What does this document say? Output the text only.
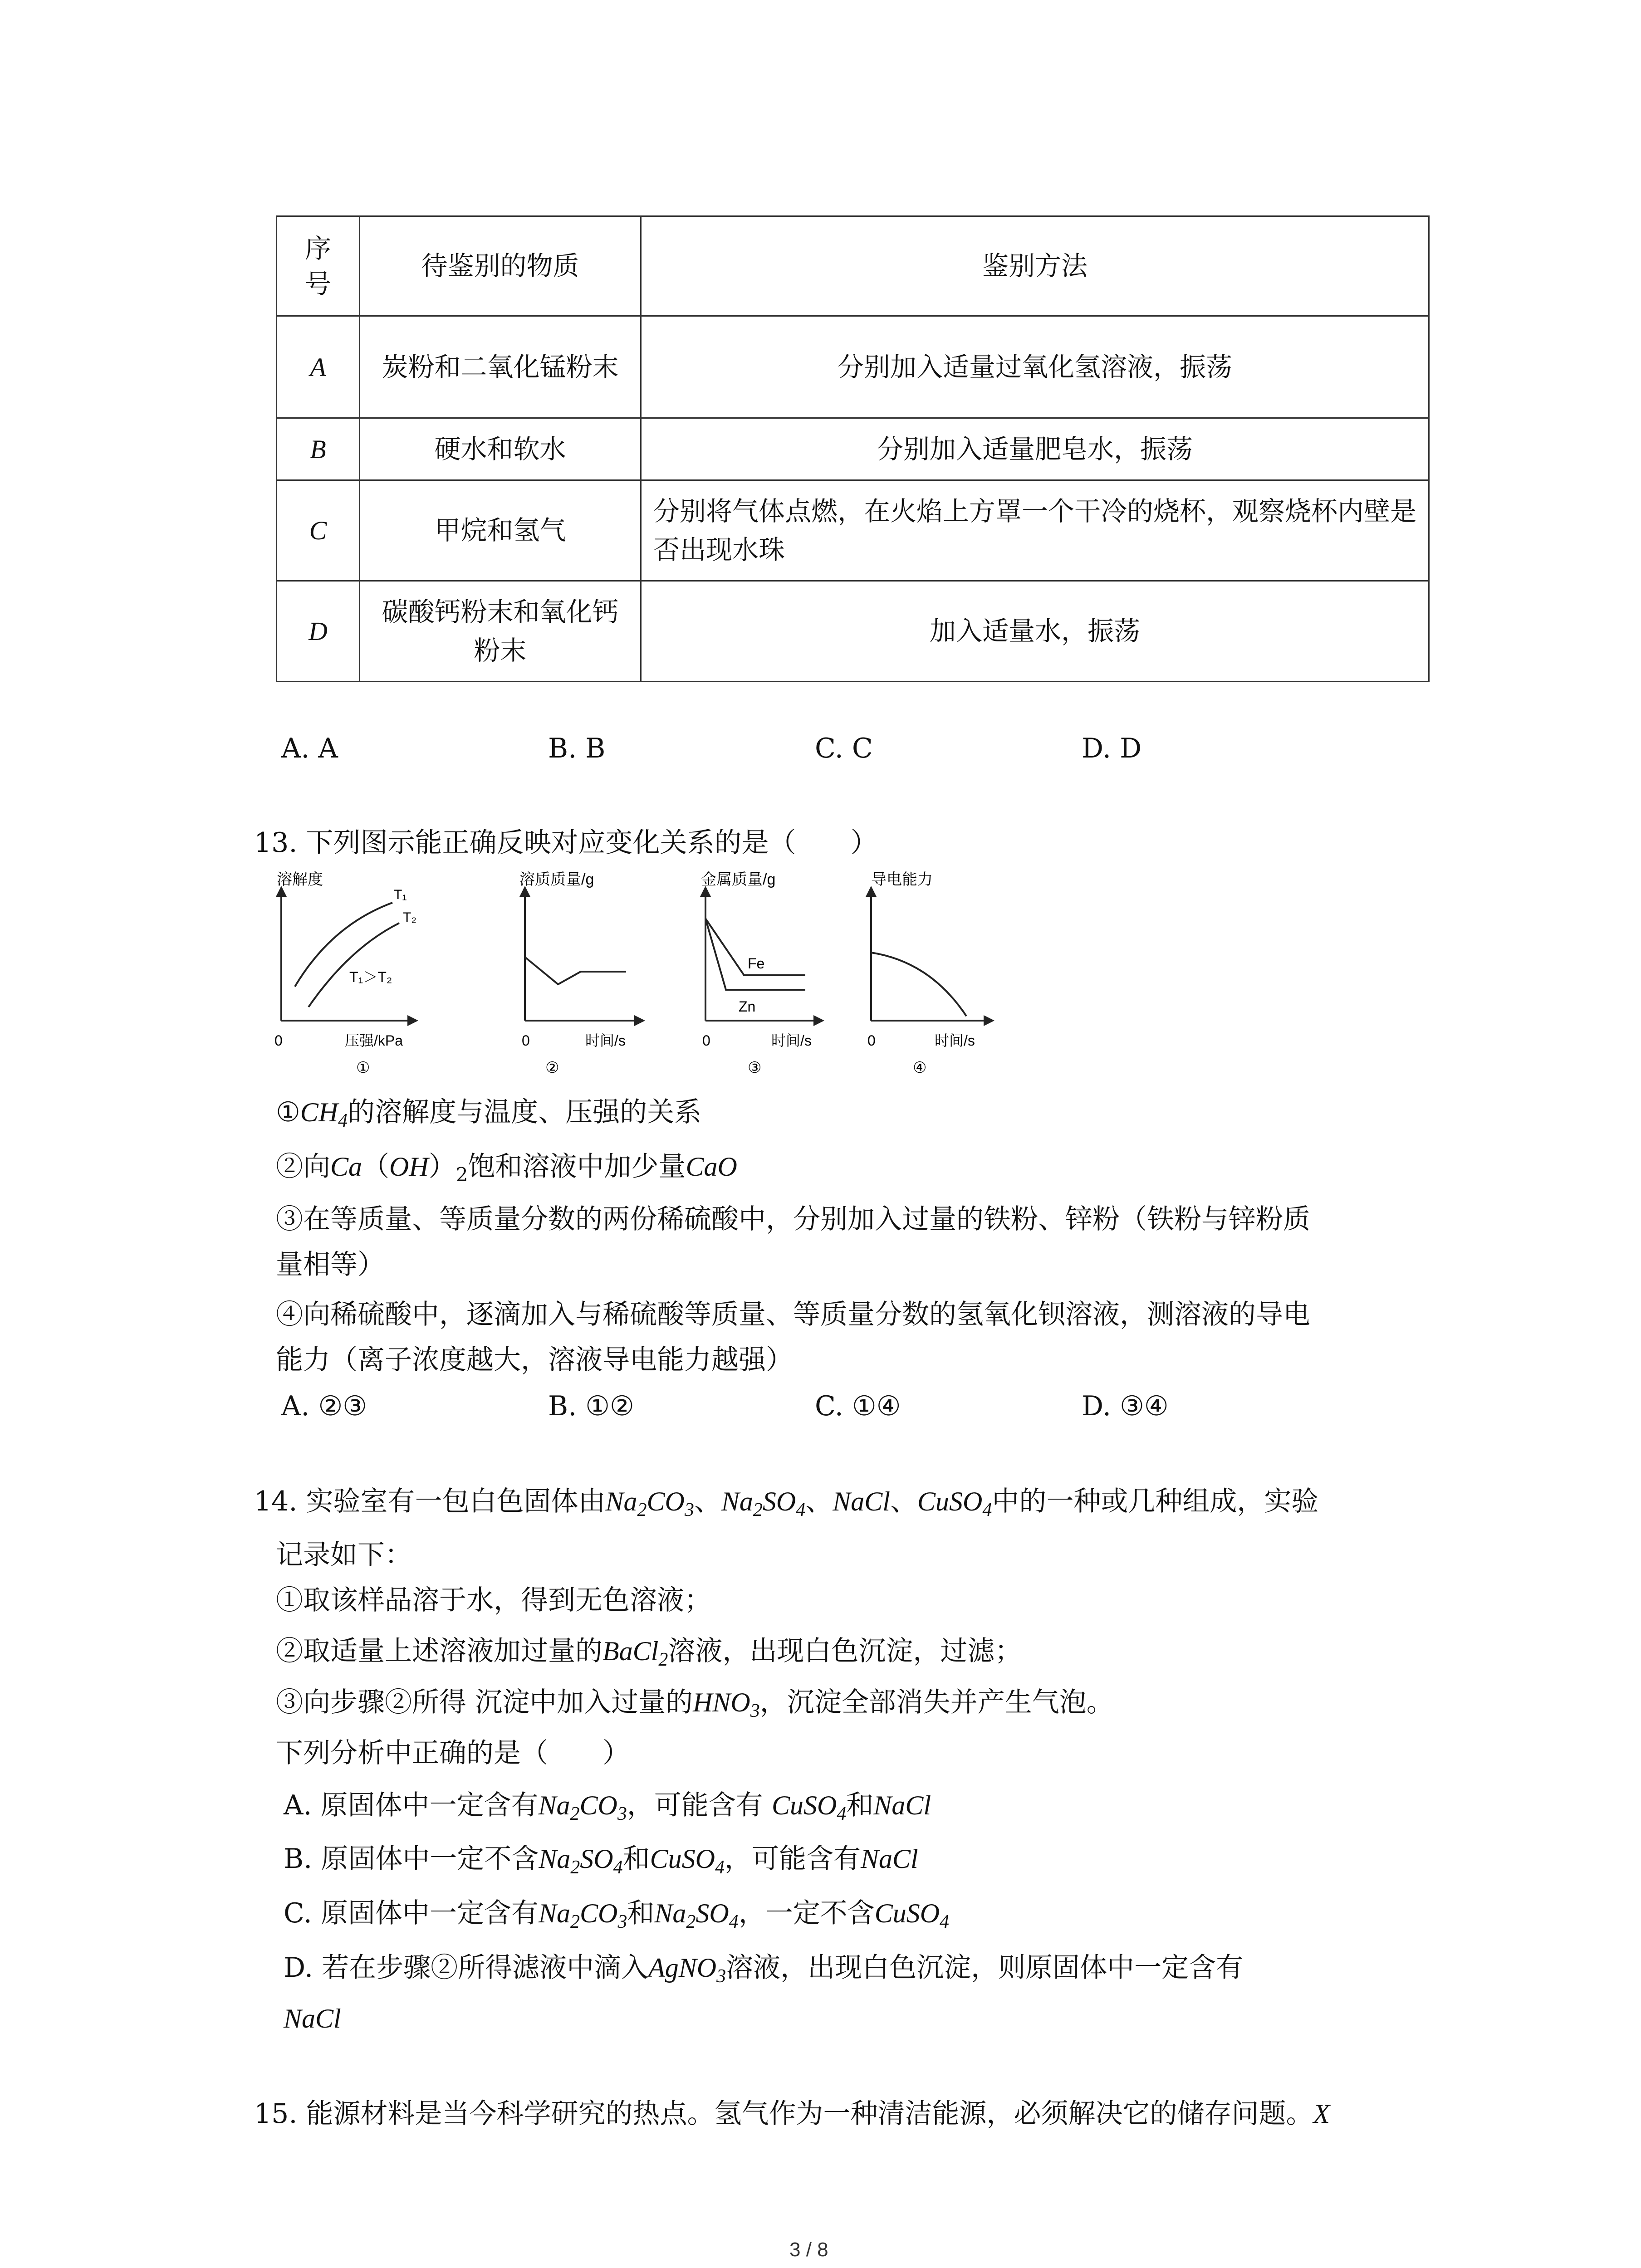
序号	待鉴别的物质	鉴别方法
A	炭粉和二氧化锰粉末	分别加入适量过氧化氢溶液，振荡
B	硬水和软水	分别加入适量肥皂水，振荡
C	甲烷和氢气	分别将气体点燃，在火焰上方罩一个干冷的烧杯，观察烧杯内壁是否出现水珠
D	碳酸钙粉末和氧化钙粉末	加入适量水，振荡
A. A	B. B	C. C	D. D
13. 下列图示能正确反映对应变化关系的是（　　）
溶解度
T₁
T₂
T₁＞T₂
0	压强/kPa
①
溶质质量/g
0	时间/s
②
金属质量/g
Fe
Zn
0	时间/s
③
导电能力
0	时间/s
④
$①CH_4$的溶解度与温度、压强的关系
②向$Ca(OH)_2$饱和溶液中加少量CaO
③在等质量、等质量分数的两份稀硫酸中，分别加入过量的铁粉、锌粉（铁粉与锌粉质
量相等）
④向稀硫酸中，逐滴加入与稀硫酸等质量、等质量分数的氢氧化钡溶液，测溶液的导电
能力（离子浓度越大，溶液导电能力越强）
A. ②③	B. ①②	C. ①④	D. ③④
14. 实验室有一包白色固体由$Na_2CO_3$、$Na_2SO_4$、NaCl、CuSO$_4$中的一种或几种组成，实验
记录如下：
①取该样品溶于水，得到无色溶液；
②取适量上述溶液加过量的BaCl$_2$溶液，出现白色沉淀，过滤；
③向步骤②所得 沉淀中加入过量的$HNO_3$，沉淀全部消失并产生气泡。
下列分析中正确的是（　　）
A. 原固体中一定含有$Na_2CO_3$，可能含有 CuSO$_4$和NaCl
B. 原固体中一定不含$Na_2SO_4$和CuSO$_4$，可能含有NaCl
C. 原固体中一定含有$Na_2CO_3$和$Na_2SO_4$，一定不含CuSO$_4$
D. 若在步骤②所得滤液中滴入AgNO$_3$溶液，出现白色沉淀，则原固体中一定含有
NaCl
15. 能源材料是当今科学研究的热点。氢气作为一种清洁能源，必须解决它的储存问题。X
3 / 8
